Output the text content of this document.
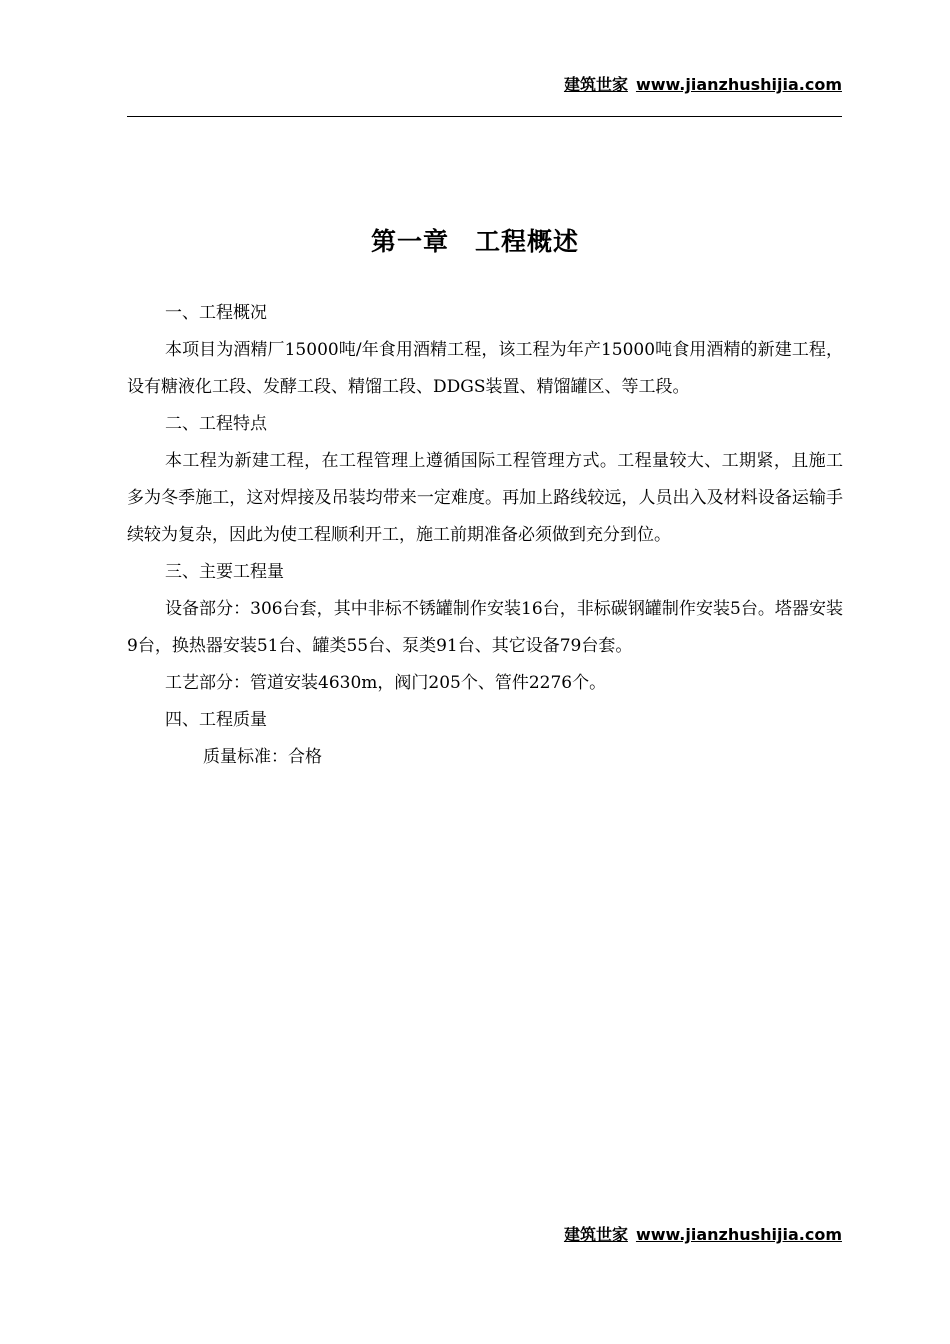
建筑世家 www.jianzhushijia.com
第一章　工程概述

一、工程概况

本项目为酒精厂15000吨/年食用酒精工程，该工程为年产15000吨食用酒精的新建工程，设有糖液化工段、发酵工段、精馏工段、DDGS装置、精馏罐区、等工段。

二、工程特点

本工程为新建工程，在工程管理上遵循国际工程管理方式。工程量较大、工期紧，且施工多为冬季施工，这对焊接及吊装均带来一定难度。再加上路线较远，人员出入及材料设备运输手续较为复杂，因此为使工程顺利开工，施工前期准备必须做到充分到位。

三、主要工程量

设备部分：306台套，其中非标不锈罐制作安装16台，非标碳钢罐制作安装5台。塔器安装9台，换热器安装51台、罐类55台、泵类91台、其它设备79台套。

工艺部分：管道安装4630m，阀门205个、管件2276个。

四、工程质量

质量标准：合格

建筑世家 www.jianzhushijia.com
